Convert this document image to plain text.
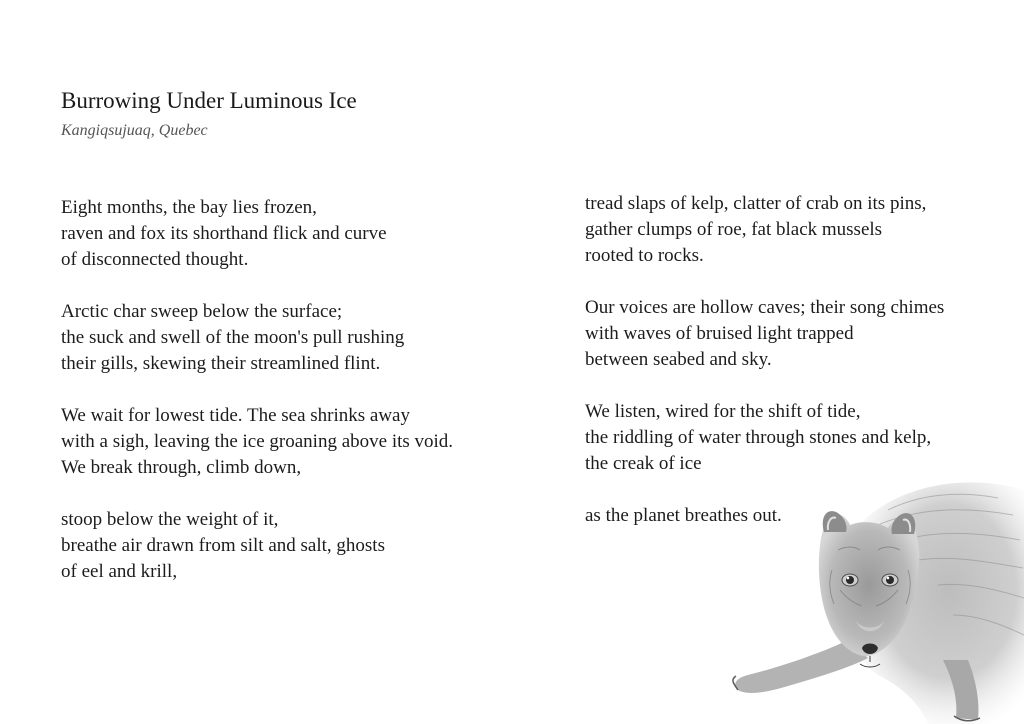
Burrowing Under Luminous Ice
Kangiqsujuaq, Quebec
Eight months, the bay lies frozen,
raven and fox its shorthand flick and curve
of disconnected thought.
Arctic char sweep below the surface;
the suck and swell of the moon's pull rushing
their gills, skewing their streamlined flint.
We wait for lowest tide. The sea shrinks away
with a sigh, leaving the ice groaning above its void.
We break through, climb down,
stoop below the weight of it,
breathe air drawn from silt and salt, ghosts
of eel and krill,
tread slaps of kelp, clatter of crab on its pins,
gather clumps of roe, fat black mussels
rooted to rocks.
Our voices are hollow caves; their song chimes
with waves of bruised light trapped
between seabed and sky.
We listen, wired for the shift of tide,
the riddling of water through stones and kelp,
the creak of ice
as the planet breathes out.
